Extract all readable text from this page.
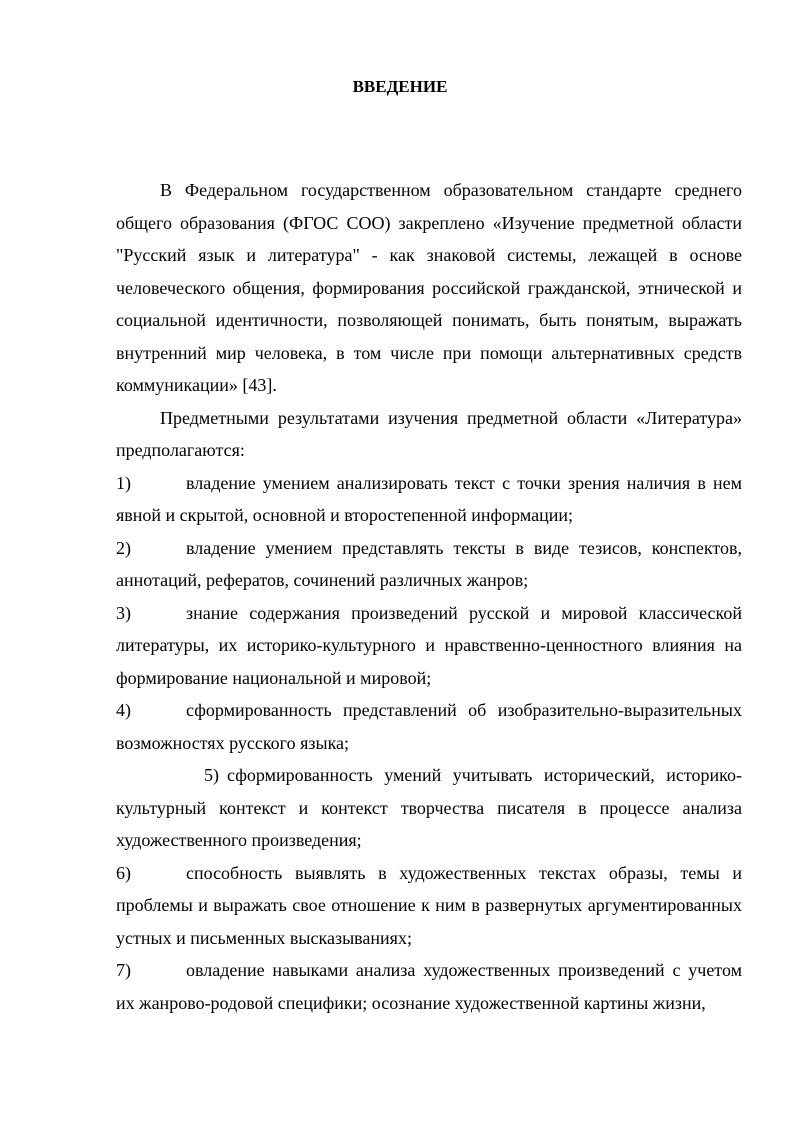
ВВЕДЕНИЕ

В Федеральном государственном образовательном стандарте среднего общего образования (ФГОС СОО) закреплено «Изучение предметной области "Русский язык и литература" - как знаковой системы, лежащей в основе человеческого общения, формирования российской гражданской, этнической и социальной идентичности, позволяющей понимать, быть понятым, выражать внутренний мир человека, в том числе при помощи альтернативных средств коммуникации» [43].

Предметными результатами изучения предметной области «Литература» предполагаются:

1)	владение умением анализировать текст с точки зрения наличия в нем явной и скрытой, основной и второстепенной информации;

2)	владение умением представлять тексты в виде тезисов, конспектов, аннотаций, рефератов, сочинений различных жанров;

3)	знание содержания произведений русской и мировой классической литературы, их историко-культурного и нравственно-ценностного влияния на формирование национальной и мировой;

4)	сформированность представлений об изобразительно-выразительных возможностях русского языка;

5) сформированность умений учитывать исторический, историко-культурный контекст и контекст творчества писателя в процессе анализа художественного произведения;

6)	способность выявлять в художественных текстах образы, темы и проблемы и выражать свое отношение к ним в развернутых аргументированных устных и письменных высказываниях;

7)	овладение навыками анализа художественных произведений с учетом их жанрово-родовой специфики; осознание художественной картины жизни,
